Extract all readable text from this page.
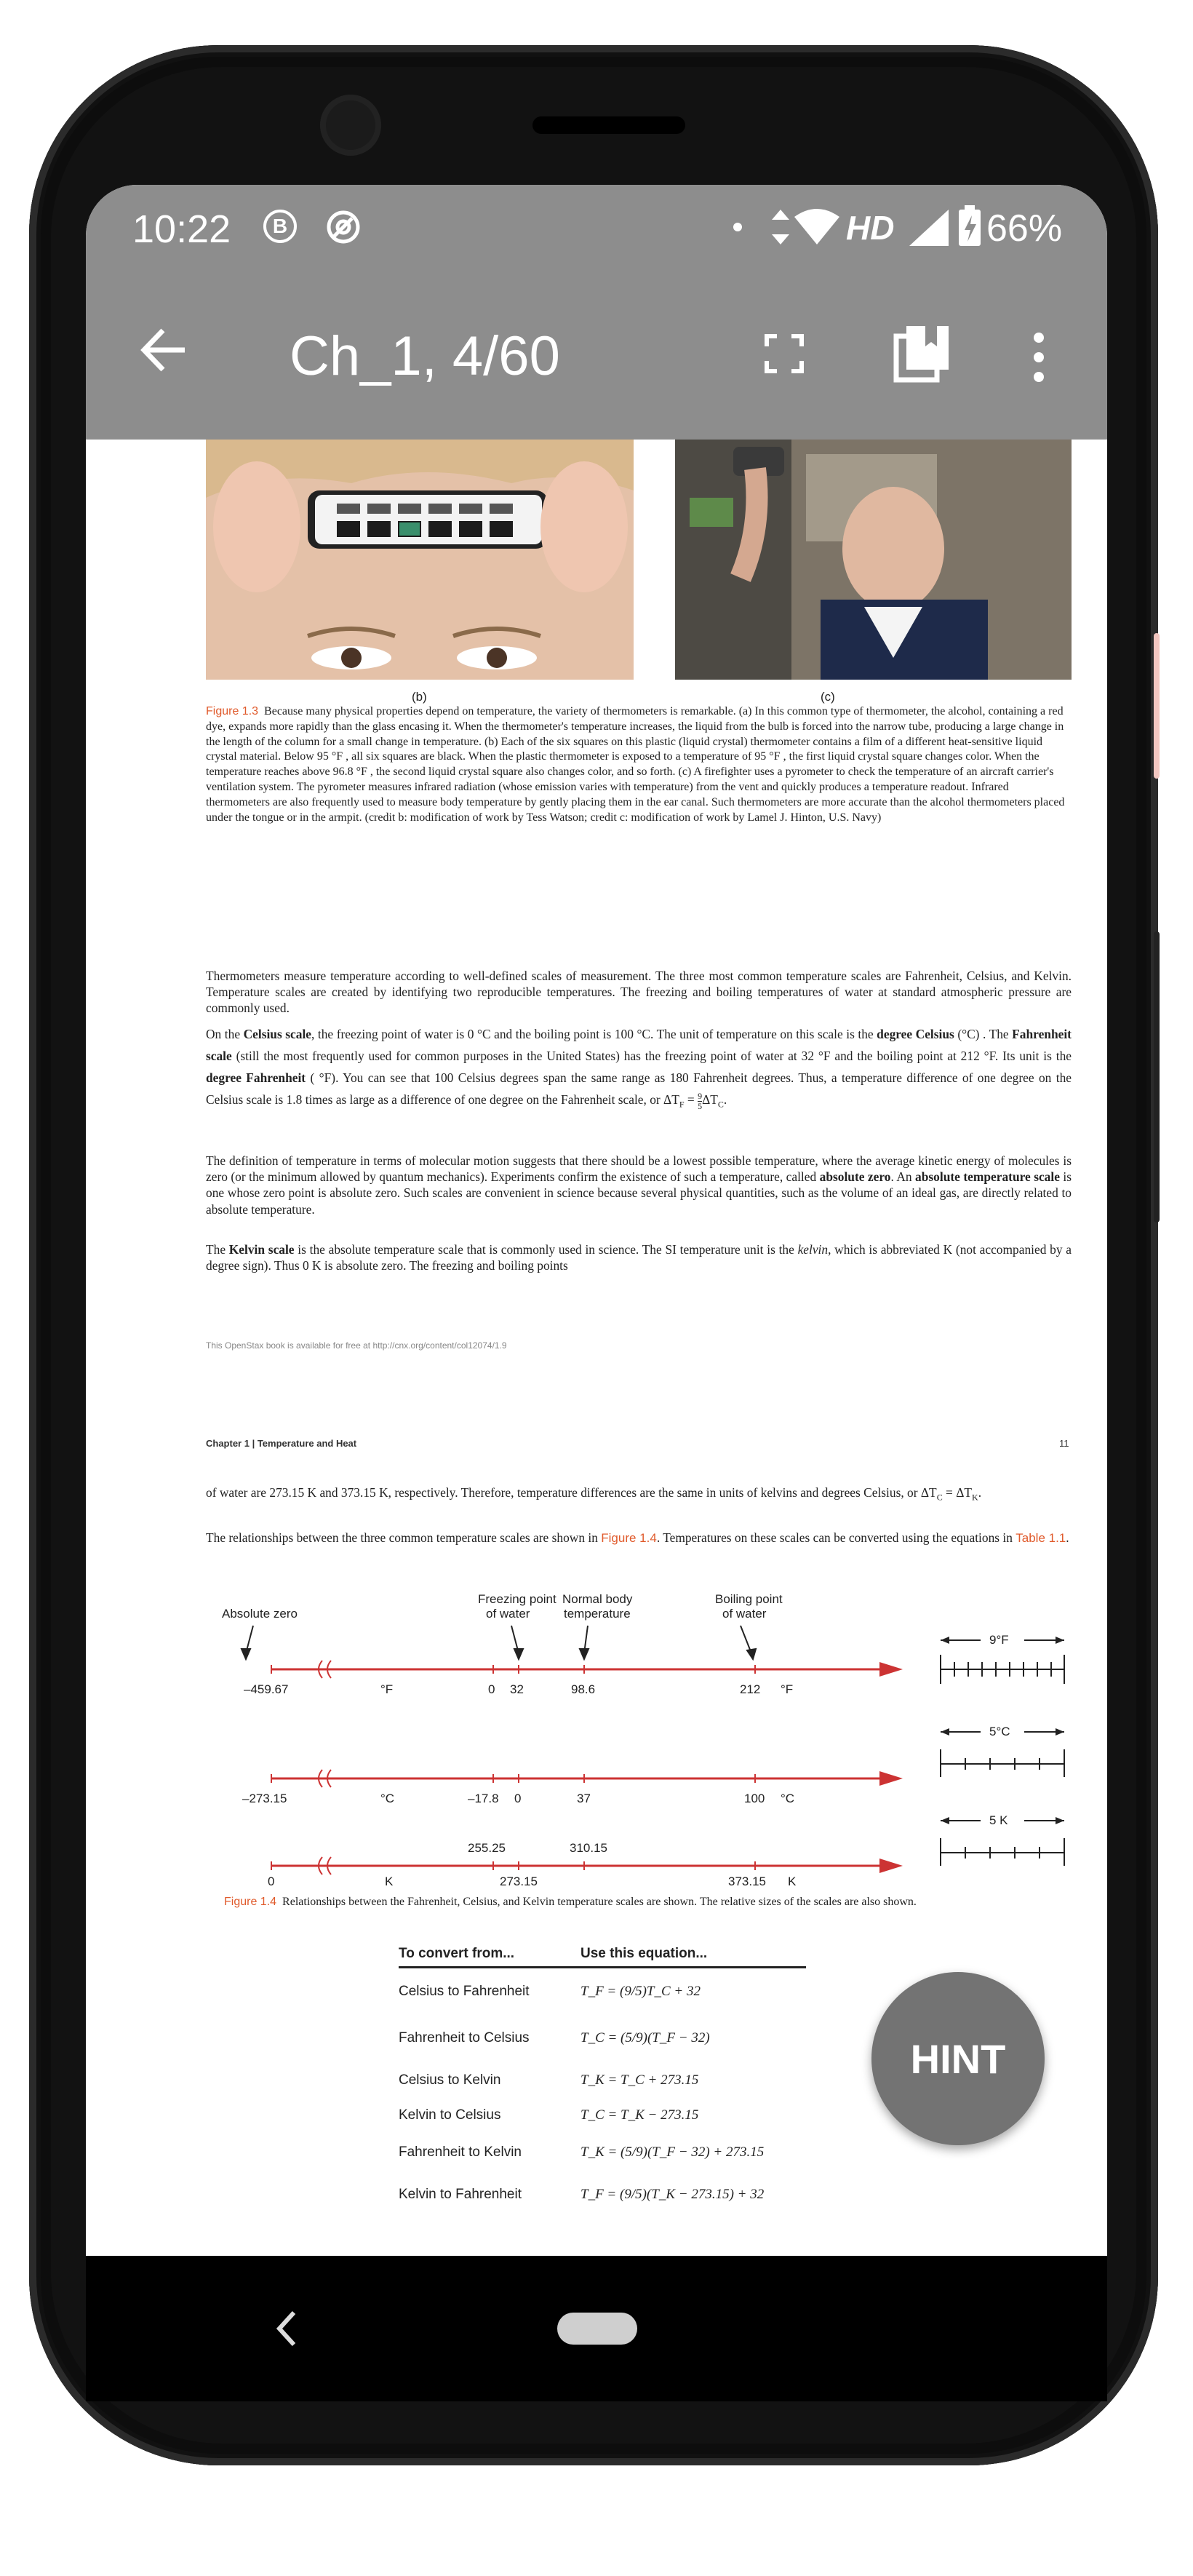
10:22 B	HD 66%
Ch_1, 4/60
(b)	(c)
Figure 1.3 Because many physical properties depend on temperature, the variety of thermometers is remarkable. (a) In this common type of thermometer, the alcohol, containing a red dye, expands more rapidly than the glass encasing it. When the thermometer's temperature increases, the liquid from the bulb is forced into the narrow tube, producing a large change in the length of the column for a small change in temperature. (b) Each of the six squares on this plastic (liquid crystal) thermometer contains a film of a different heat-sensitive liquid crystal material. Below 95 °F , all six squares are black. When the plastic thermometer is exposed to a temperature of 95 °F , the first liquid crystal square changes color. When the temperature reaches above 96.8 °F , the second liquid crystal square also changes color, and so forth. (c) A firefighter uses a pyrometer to check the temperature of an aircraft carrier's ventilation system. The pyrometer measures infrared radiation (whose emission varies with temperature) from the vent and quickly produces a temperature readout. Infrared thermometers are also frequently used to measure body temperature by gently placing them in the ear canal. Such thermometers are more accurate than the alcohol thermometers placed under the tongue or in the armpit. (credit b: modification of work by Tess Watson; credit c: modification of work by Lamel J. Hinton, U.S. Navy)
Thermometers measure temperature according to well-defined scales of measurement. The three most common temperature scales are Fahrenheit, Celsius, and Kelvin. Temperature scales are created by identifying two reproducible temperatures. The freezing and boiling temperatures of water at standard atmospheric pressure are commonly used.
On the Celsius scale, the freezing point of water is 0 °C and the boiling point is 100 °C. The unit of temperature on this scale is the degree Celsius (°C) . The Fahrenheit scale (still the most frequently used for common purposes in the United States) has the freezing point of water at 32 °F and the boiling point at 212 °F. Its unit is the degree Fahrenheit ( °F). You can see that 100 Celsius degrees span the same range as 180 Fahrenheit degrees. Thus, a temperature difference of one degree on the Celsius scale is 1.8 times as large as a difference of one degree on the Fahrenheit scale, or $\Delta T_F = \frac{9}{5}\Delta T_C$.
The definition of temperature in terms of molecular motion suggests that there should be a lowest possible temperature, where the average kinetic energy of molecules is zero (or the minimum allowed by quantum mechanics). Experiments confirm the existence of such a temperature, called absolute zero. An absolute temperature scale is one whose zero point is absolute zero. Such scales are convenient in science because several physical quantities, such as the volume of an ideal gas, are directly related to absolute temperature.
The Kelvin scale is the absolute temperature scale that is commonly used in science. The SI temperature unit is the kelvin, which is abbreviated K (not accompanied by a degree sign). Thus 0 K is absolute zero. The freezing and boiling points
This OpenStax book is available for free at http://cnx.org/content/col12074/1.9
Chapter 1 | Temperature and Heat	11
of water are 273.15 K and 373.15 K, respectively. Therefore, temperature differences are the same in units of kelvins and degrees Celsius, or $\Delta T_C = \Delta T_K$.
The relationships between the three common temperature scales are shown in Figure 1.4. Temperatures on these scales can be converted using the equations in Table 1.1.
Absolute zero
Freezing point
of water
Normal body
temperature
Boiling point
of water
–459.67	°F	0 32	98.6	212 °F
9°F
–273.15	°C	–17.8 0	37	100 °C
5°C
255.25	310.15
0	K	273.15	373.15 K
5 K
Figure 1.4 Relationships between the Fahrenheit, Celsius, and Kelvin temperature scales are shown. The relative sizes of the scales are also shown.
To convert from...	Use this equation...
Celsius to Fahrenheit	T_F = (9/5)T_C + 32
Fahrenheit to Celsius	T_C = (5/9)(T_F − 32)
Celsius to Kelvin	T_K = T_C + 273.15
Kelvin to Celsius	T_C = T_K − 273.15
Fahrenheit to Kelvin	T_K = (5/9)(T_F − 32) + 273.15
Kelvin to Fahrenheit	T_F = (9/5)(T_K − 273.15) + 32
HINT
